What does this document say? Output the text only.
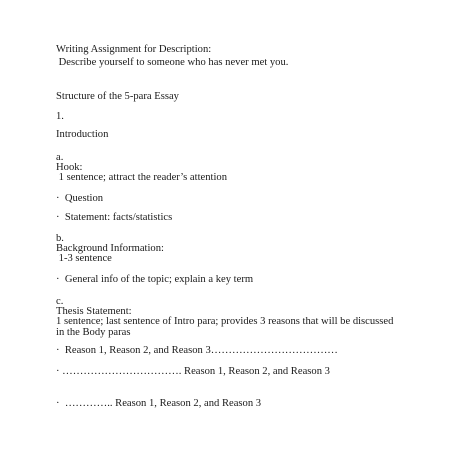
Writing Assignment for Description:

Describe yourself to someone who has never met you.

Structure of the 5-para Essay

1.

Introduction

a.

Hook:

1 sentence; attract the reader’s attention

·  Question

·  Statement: facts/statistics

b.

Background Information:

1-3 sentence

·  General info of the topic; explain a key term

c.

Thesis Statement:

1 sentence; last sentence of Intro para; provides 3 reasons that will be discussed in the Body paras

·  Reason 1, Reason 2, and Reason 3………………………………

· ……………………………. Reason 1, Reason 2, and Reason 3

·  ………….. Reason 1, Reason 2, and Reason 3
